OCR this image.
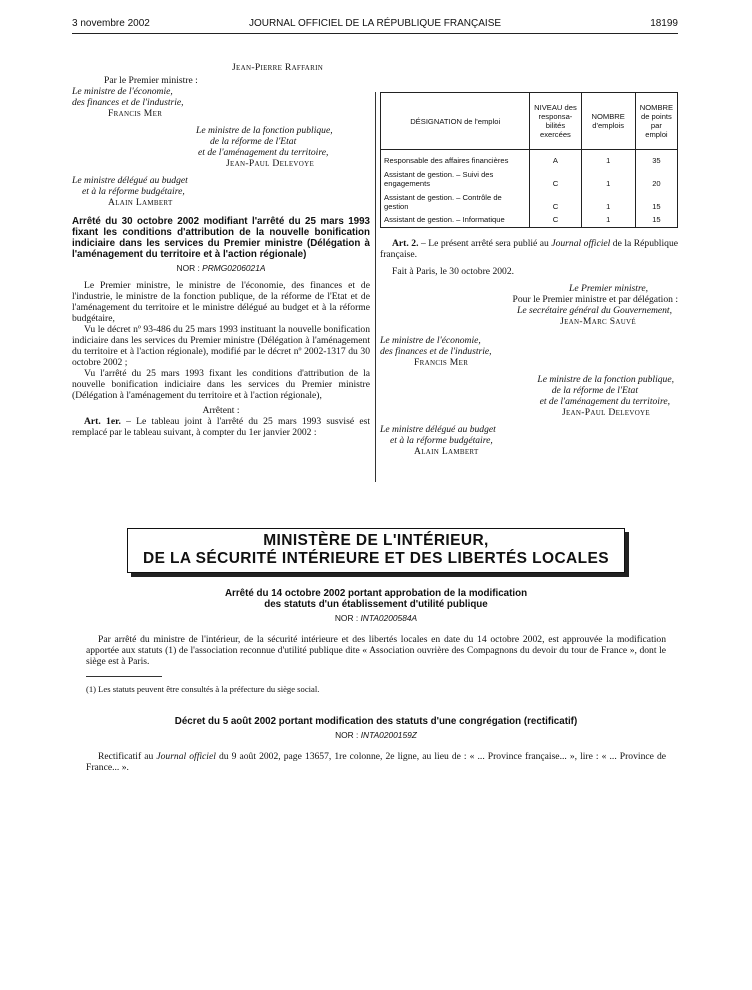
3 novembre 2002	JOURNAL OFFICIEL DE LA RÉPUBLIQUE FRANÇAISE	18199

Jean-Pierre Raffarin

Par le Premier ministre :

Le ministre de l'économie,

des finances et de l'industrie,

Francis Mer

Le ministre de la fonction publique,

de la réforme de l'Etat

et de l'aménagement du territoire,

Jean-Paul Delevoye

Le ministre délégué au budget

et à la réforme budgétaire,

Alain Lambert

Arrêté du 30 octobre 2002 modifiant l'arrêté du 25 mars 1993 fixant les conditions d'attribution de la nouvelle bonification indiciaire dans les services du Premier ministre (Délégation à l'aménagement du territoire et à l'action régionale)

NOR : PRMG0206021A

Le Premier ministre, le ministre de l'économie, des finances et de l'industrie, le ministre de la fonction publique, de la réforme de l'Etat et de l'aménagement du territoire et le ministre délégué au budget et à la réforme budgétaire,

Vu le décret nº 93-486 du 25 mars 1993 instituant la nouvelle bonification indiciaire dans les services du Premier ministre (Délégation à l'aménagement du territoire et à l'action régionale), modifié par le décret nº 2002-1317 du 30 octobre 2002 ;

Vu l'arrêté du 25 mars 1993 fixant les conditions d'attribution de la nouvelle bonification indiciaire dans les services du Premier ministre (Délégation à l'aménagement du territoire et à l'action régionale),

Arrêtent :

Art. 1er. – Le tableau joint à l'arrêté du 25 mars 1993 susvisé est remplacé par le tableau suivant, à compter du 1er janvier 2002 :

DÉSIGNATION de l'emploi	NIVEAU des responsa-bilités exercées	NOMBRE d'emplois	NOMBRE de points par emploi
Responsable des affaires financières	A	1	35
Assistant de gestion. – Suivi des engagements	C	1	20
Assistant de gestion. – Contrôle de gestion	C	1	15
Assistant de gestion. – Informatique	C	1	15

Art. 2. – Le présent arrêté sera publié au Journal officiel de la République française.

Fait à Paris, le 30 octobre 2002.

Le Premier ministre,

Pour le Premier ministre et par délégation :

Le secrétaire général du Gouvernement,

Jean-Marc Sauvé

Le ministre de l'économie,

des finances et de l'industrie,

Francis Mer

Le ministre de la fonction publique,

de la réforme de l'Etat

et de l'aménagement du territoire,

Jean-Paul Delevoye

Le ministre délégué au budget

et à la réforme budgétaire,

Alain Lambert

MINISTÈRE DE L'INTÉRIEUR,
DE LA SÉCURITÉ INTÉRIEURE ET DES LIBERTÉS LOCALES

Arrêté du 14 octobre 2002 portant approbation de la modification

des statuts d'un établissement d'utilité publique

NOR : INTA0200584A

Par arrêté du ministre de l'intérieur, de la sécurité intérieure et des libertés locales en date du 14 octobre 2002, est approuvée la modification apportée aux statuts (1) de l'association reconnue d'utilité publique dite « Association ouvrière des Compagnons du devoir du tour de France », dont le siège est à Paris.

(1) Les statuts peuvent être consultés à la préfecture du siège social.

Décret du 5 août 2002 portant modification des statuts d'une congrégation (rectificatif)

NOR : INTA0200159Z

Rectificatif au Journal officiel du 9 août 2002, page 13657, 1re colonne, 2e ligne, au lieu de : « ... Province française... », lire : « ... Province de France... ».
